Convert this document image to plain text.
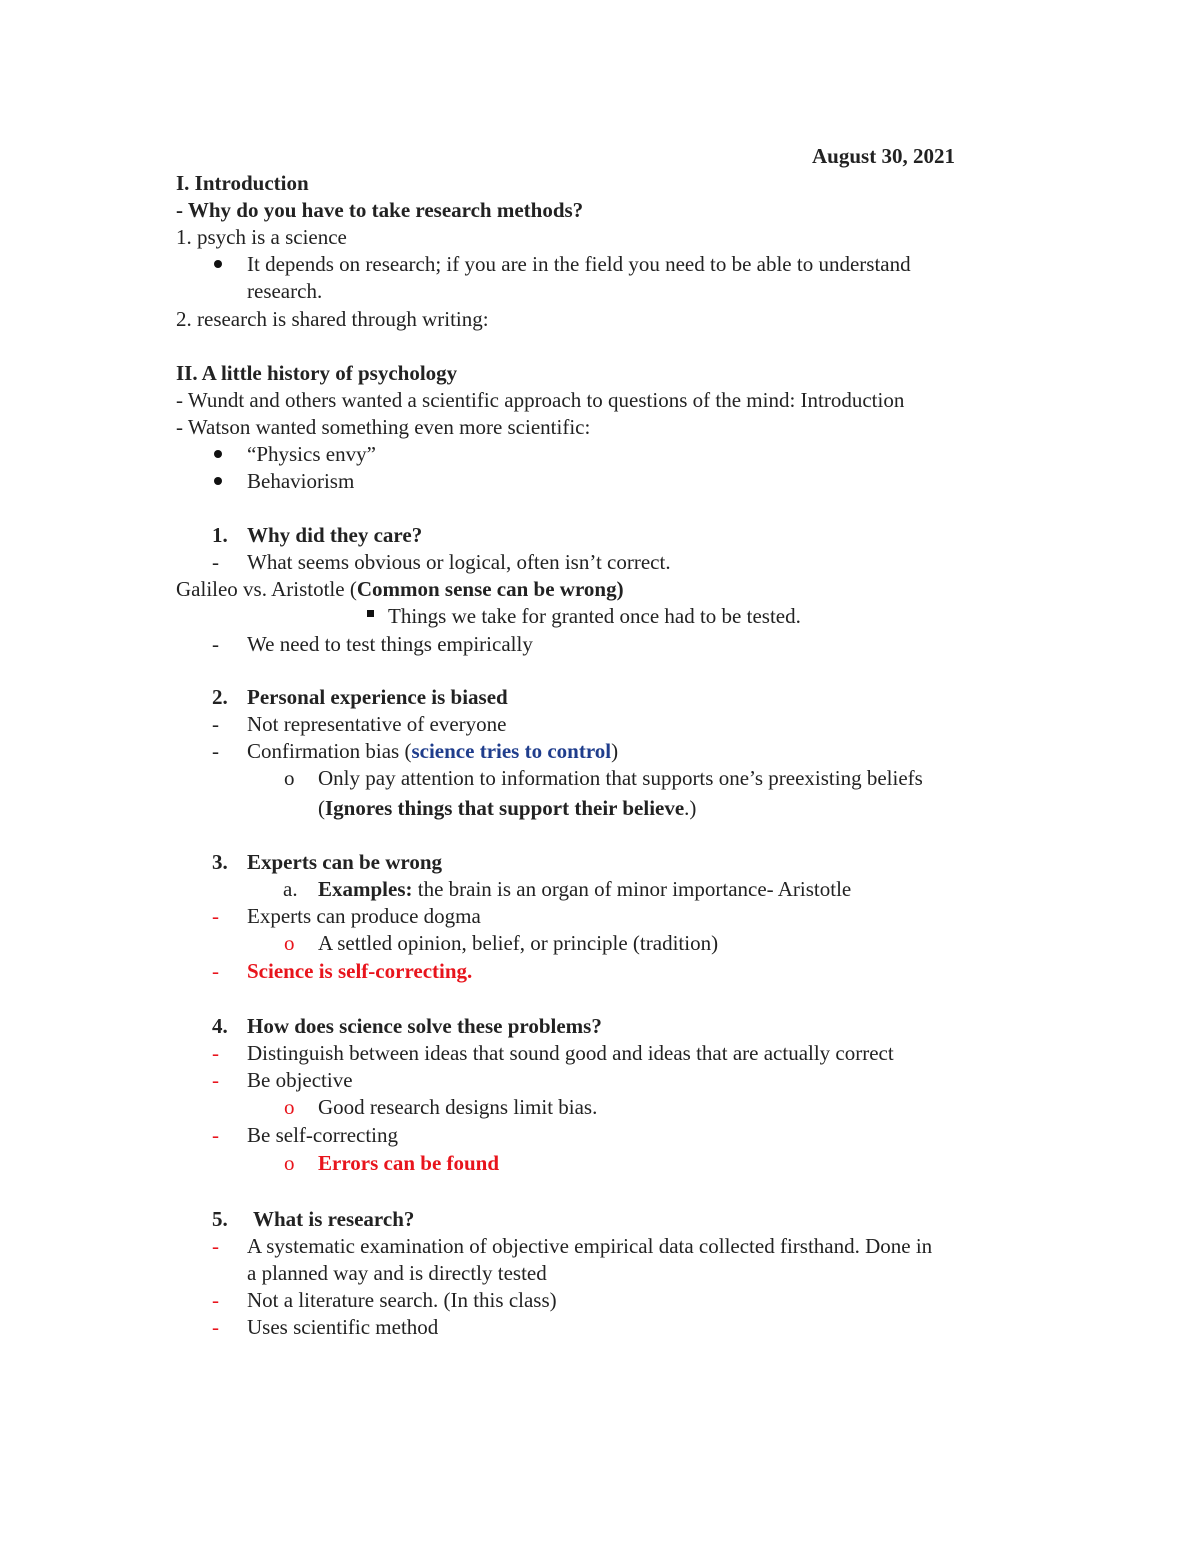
August 30, 2021
I. Introduction
- Why do you have to take research methods?
1. psych is a science
It depends on research; if you are in the field you need to be able to understand
research.
2. research is shared through writing:
II. A little history of psychology
- Wundt and others wanted a scientific approach to questions of the mind: Introduction
- Watson wanted something even more scientific:
“Physics envy”
Behaviorism
1. Why did they care?
- What seems obvious or logical, often isn’t correct.
Galileo vs. Aristotle (Common sense can be wrong)
Things we take for granted once had to be tested.
- We need to test things empirically
2. Personal experience is biased
- Not representative of everyone
- Confirmation bias (science tries to control)
o Only pay attention to information that supports one’s preexisting beliefs
(Ignores things that support their believe.)
3. Experts can be wrong
a. Examples: the brain is an organ of minor importance- Aristotle
- Experts can produce dogma
o A settled opinion, belief, or principle (tradition)
- Science is self-correcting.
4. How does science solve these problems?
- Distinguish between ideas that sound good and ideas that are actually correct
- Be objective
o Good research designs limit bias.
- Be self-correcting
o Errors can be found
5. What is research?
- A systematic examination of objective empirical data collected firsthand. Done in
a planned way and is directly tested
- Not a literature search. (In this class)
- Uses scientific method
